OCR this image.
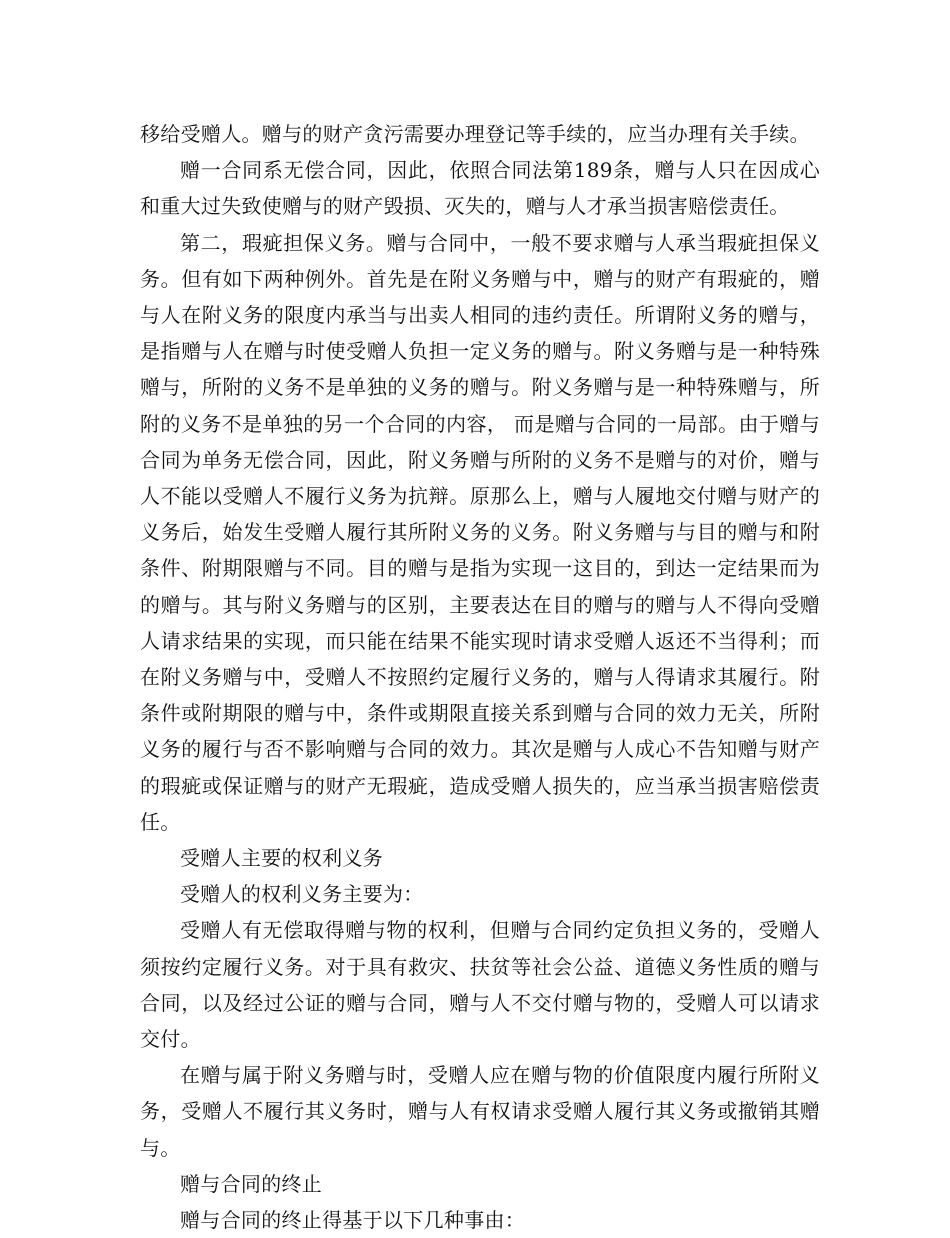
移给受赠人。赠与的财产贪污需要办理登记等手续的，应当办理有关手续。

赠一合同系无偿合同，因此，依照合同法第189条，赠与人只在因成心和重大过失致使赠与的财产毁损、灭失的，赠与人才承当损害赔偿责任。

第二，瑕疵担保义务。赠与合同中，一般不要求赠与人承当瑕疵担保义务。但有如下两种例外。首先是在附义务赠与中，赠与的财产有瑕疵的，赠与人在附义务的限度内承当与出卖人相同的违约责任。所谓附义务的赠与，是指赠与人在赠与时使受赠人负担一定义务的赠与。附义务赠与是一种特殊赠与，所附的义务不是单独的义务的赠与。附义务赠与是一种特殊赠与，所附的义务不是单独的另一个合同的内容， 而是赠与合同的一局部。由于赠与合同为单务无偿合同，因此，附义务赠与所附的义务不是赠与的对价，赠与人不能以受赠人不履行义务为抗辩。原那么上，赠与人履地交付赠与财产的义务后，始发生受赠人履行其所附义务的义务。附义务赠与与目的赠与和附条件、附期限赠与不同。目的赠与是指为实现一这目的，到达一定结果而为的赠与。其与附义务赠与的区别，主要表达在目的赠与的赠与人不得向受赠人请求结果的实现，而只能在结果不能实现时请求受赠人返还不当得利；而在附义务赠与中，受赠人不按照约定履行义务的，赠与人得请求其履行。附条件或附期限的赠与中，条件或期限直接关系到赠与合同的效力无关，所附义务的履行与否不影响赠与合同的效力。其次是赠与人成心不告知赠与财产的瑕疵或保证赠与的财产无瑕疵，造成受赠人损失的，应当承当损害赔偿责任。

受赠人主要的权利义务

受赠人的权利义务主要为：

受赠人有无偿取得赠与物的权利，但赠与合同约定负担义务的，受赠人须按约定履行义务。对于具有救灾、扶贫等社会公益、道德义务性质的赠与合同，以及经过公证的赠与合同，赠与人不交付赠与物的，受赠人可以请求交付。

在赠与属于附义务赠与时，受赠人应在赠与物的价值限度内履行所附义务，受赠人不履行其义务时，赠与人有权请求受赠人履行其义务或撤销其赠与。

赠与合同的终止

赠与合同的终止得基于以下几种事由：
